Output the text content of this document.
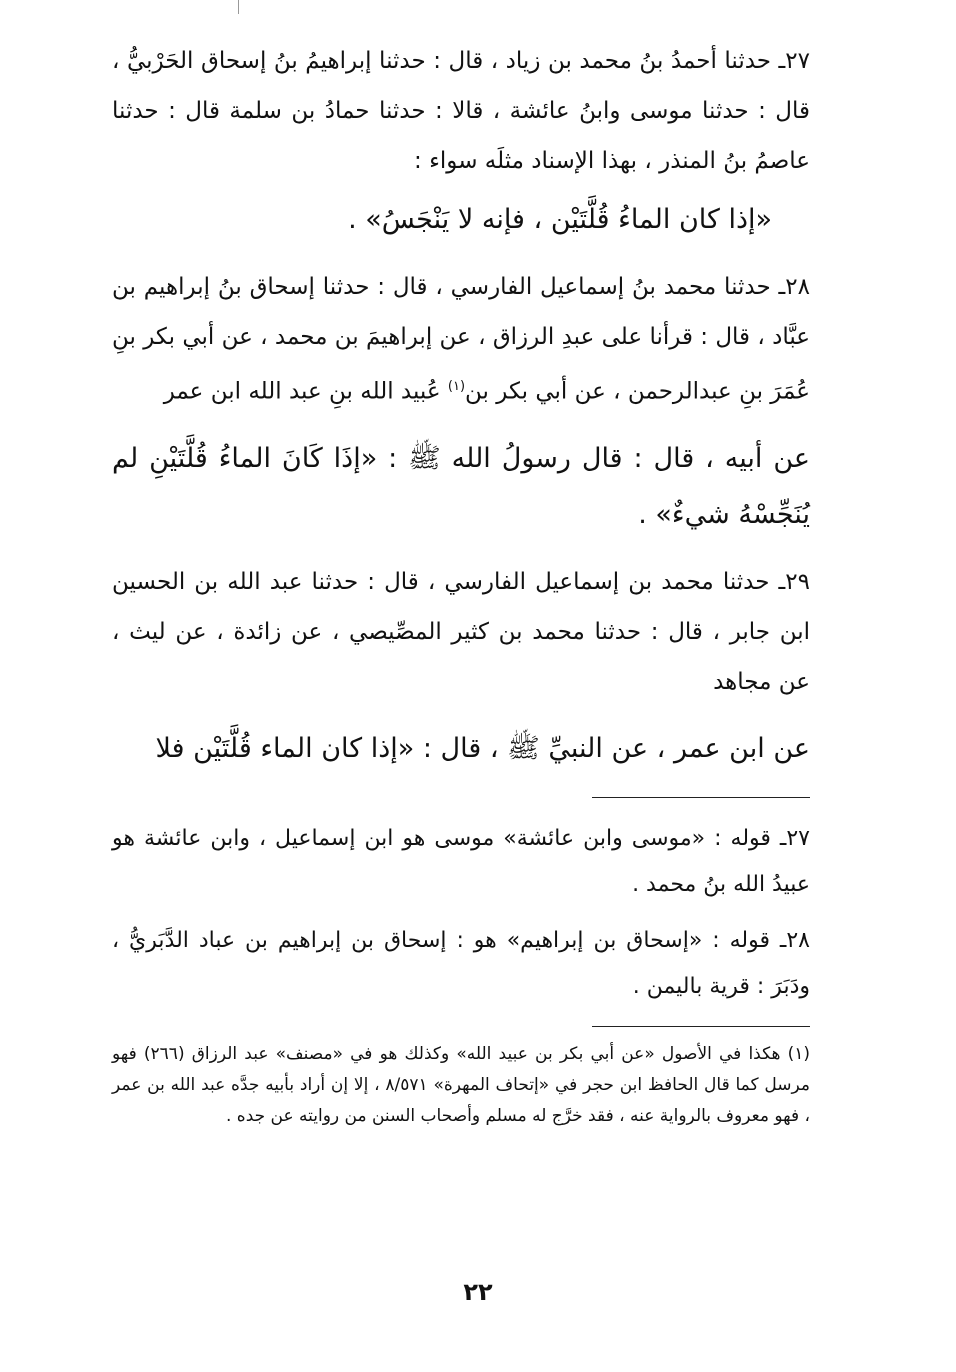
٢٧ـ حدثنا أحمدُ بنُ محمد بن زياد ، قال : حدثنا إبراهيمُ بنُ إسحاق الحَرْبيُّ ، قال : حدثنا موسى وابنُ عائشة ، قالا : حدثنا حمادُ بن سلمة قال : حدثنا عاصمُ بنُ المنذر ، بهذا الإسناد مثلَه سواء :

«إذا كان الماءُ قُلَّتَيْن ، فإنه لا يَنْجَسُ» .

٢٨ـ حدثنا محمد بنُ إسماعيل الفارسي ، قال : حدثنا إسحاق بنُ إبراهيم بن عبَّاد ، قال : قرأنا على عبدِ الرزاق ، عن إبراهيمَ بن محمد ، عن أبي بكر بنِ عُمَرَ بنِ عبدالرحمن ، عن أبي بكر بن$^{(١)}$ عُبيد الله بنِ عبد الله ابن عمر

عن أبيه ، قال : قال رسولُ الله ﷺ : «إذَا كَانَ الماءُ قُلَّتَيْنِ لم يُنَجِّسْهُ شيءٌ» .

٢٩ـ حدثنا محمد بن إسماعيل الفارسي ، قال : حدثنا عبد الله بن الحسين ابن جابر ، قال : حدثنا محمد بن كثير المصِّيصي ، عن زائدة ، عن ليث ، عن مجاهد

عن ابن عمر ، عن النبيِّ ﷺ ، قال : «إذا كان الماء قُلَّتَيْن فلا

٢٧ـ قوله : «موسى وابن عائشة» موسى هو ابن إسماعيل ، وابن عائشة هو عبيدُ الله بنُ محمد .

٢٨ـ قوله : «إسحاق بن إبراهيم» هو : إسحاق بن إبراهيم بن عباد الدَّبَريُّ ، ودَبَرَ : قرية باليمن .

(١) هكذا في الأصول «عن أبي بكر بن عبيد الله» وكذلك هو في «مصنف» عبد الرزاق (٢٦٦) فهو مرسل كما قال الحافظ ابن حجر في «إتحاف المهرة» ٨/٥٧١ ، إلا إن أراد بأبيه جدَّه عبد الله بن عمر ، فهو معروف بالرواية عنه ، فقد خرَّج له مسلم وأصحاب السنن من روايته عن جده .

٢٢
